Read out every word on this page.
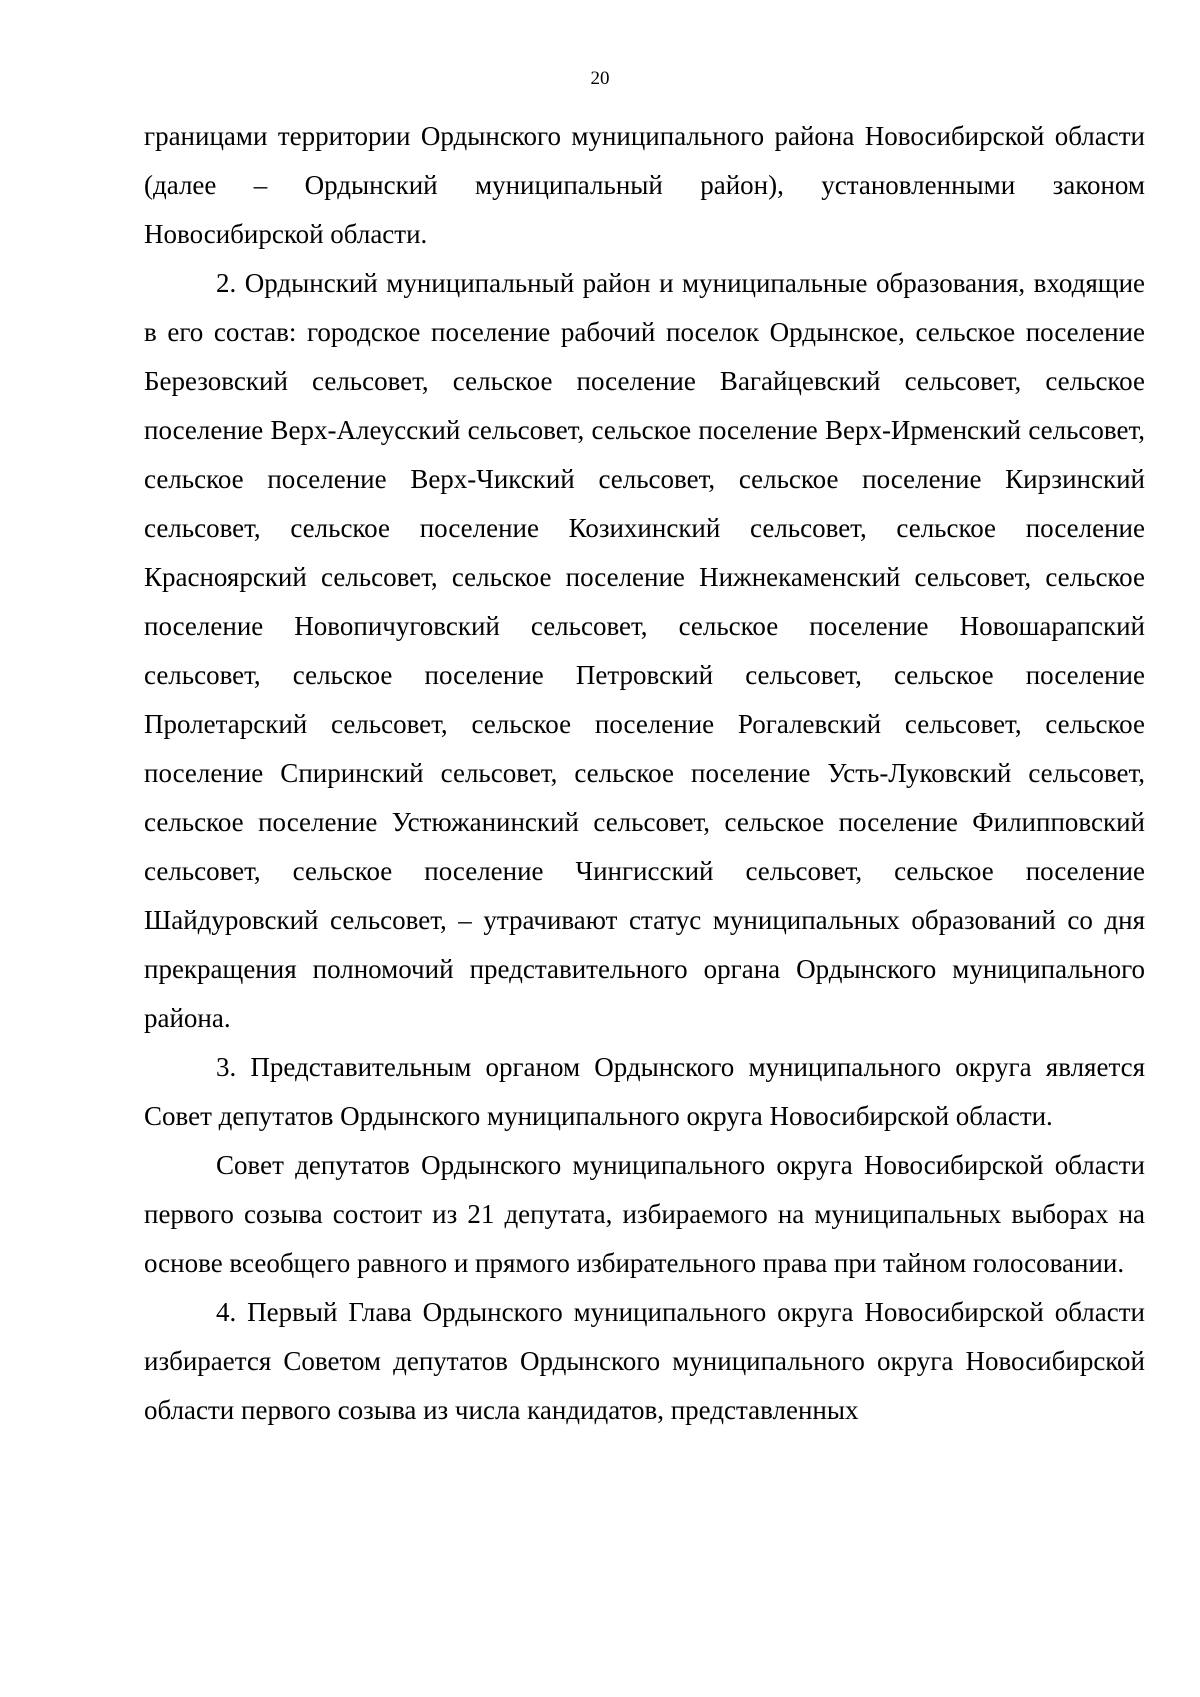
20

границами территории Ордынского муниципального района Новосибирской области (далее – Ордынский муниципальный район), установленными законом Новосибирской области.

2. Ордынский муниципальный район и муниципальные образования, входящие в его состав: городское поселение рабочий поселок Ордынское, сельское поселение Березовский сельсовет, сельское поселение Вагайцевский сельсовет, сельское поселение Верх-Алеусский сельсовет, сельское поселение Верх-Ирменский сельсовет, сельское поселение Верх-Чикский сельсовет, сельское поселение Кирзинский сельсовет, сельское поселение Козихинский сельсовет, сельское поселение Красноярский сельсовет, сельское поселение Нижнекаменский сельсовет, сельское поселение Новопичуговский сельсовет, сельское поселение Новошарапский сельсовет, сельское поселение Петровский сельсовет, сельское поселение Пролетарский сельсовет, сельское поселение Рогалевский сельсовет, сельское поселение Спиринский сельсовет, сельское поселение Усть-Луковский сельсовет, сельское поселение Устюжанинский сельсовет, сельское поселение Филипповский сельсовет, сельское поселение Чингисский сельсовет, сельское поселение Шайдуровский сельсовет, – утрачивают статус муниципальных образований со дня прекращения полномочий представительного органа Ордынского муниципального района.

3. Представительным органом Ордынского муниципального округа является Совет депутатов Ордынского муниципального округа Новосибирской области.

Совет депутатов Ордынского муниципального округа Новосибирской области первого созыва состоит из 21 депутата, избираемого на муниципальных выборах на основе всеобщего равного и прямого избирательного права при тайном голосовании.

4. Первый Глава Ордынского муниципального округа Новосибирской области избирается Советом депутатов Ордынского муниципального округа Новосибирской области первого созыва из числа кандидатов, представленных
